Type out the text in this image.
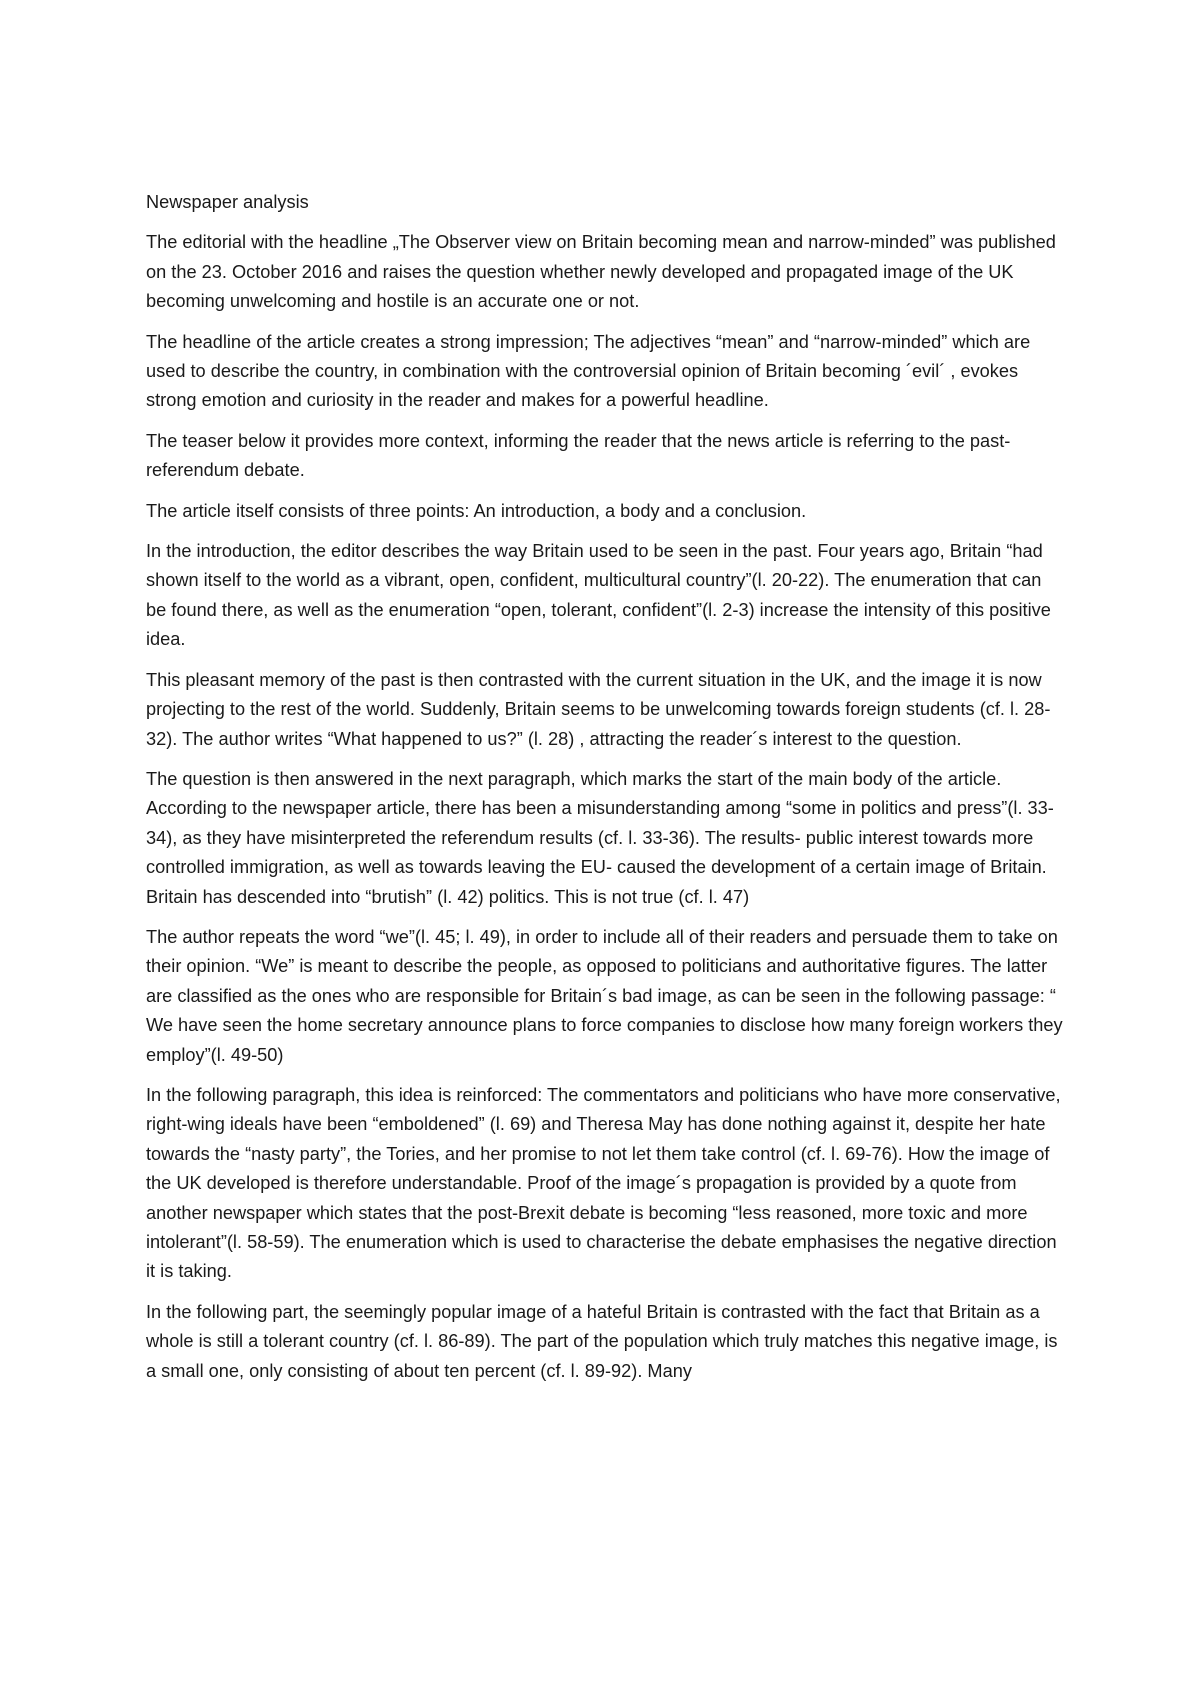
Newspaper analysis

The editorial with the headline „The Observer view on Britain becoming mean and narrow-minded” was published on the 23. October 2016 and raises the question whether newly developed and propagated image of the UK becoming unwelcoming and hostile is an accurate one or not.

The headline of the article creates a strong impression; The adjectives “mean” and “narrow-minded” which are used to describe the country, in combination with the controversial opinion of Britain becoming ´evil´ , evokes strong emotion and curiosity in the reader and makes for a powerful headline.

The teaser below it provides more context, informing the reader that the news article is referring to the past-referendum debate.

The article itself consists of three points: An introduction, a body and a conclusion.

In the introduction, the editor describes the way Britain used to be seen in the past. Four years ago, Britain “had shown itself to the world as a vibrant, open, confident, multicultural country”(l. 20-22). The enumeration that can be found there, as well as the enumeration “open, tolerant, confident”(l. 2-3) increase the intensity of this positive idea.

This pleasant memory of the past is then contrasted with the current situation in the UK, and the image it is now projecting to the rest of the world. Suddenly, Britain seems to be unwelcoming towards foreign students (cf. l. 28-32). The author writes “What happened to us?” (l. 28) , attracting the reader´s interest to the question.

The question is then answered in the next paragraph, which marks the start of the main body of the article. According to the newspaper article, there has been a misunderstanding among “some in politics and press”(l. 33-34), as they have misinterpreted the referendum results (cf. l. 33-36). The results- public interest towards more controlled immigration, as well as towards leaving the EU- caused the development of a certain image of Britain. Britain has descended into “brutish” (l. 42) politics. This is not true (cf. l. 47)

The author repeats the word “we”(l. 45; l. 49), in order to include all of their readers and persuade them to take on their opinion. “We” is meant to describe the people, as opposed to politicians and authoritative figures. The latter are classified as the ones who are responsible for Britain´s bad image, as can be seen in the following passage: “ We have seen the home secretary announce plans to force companies to disclose how many foreign workers they employ”(l. 49-50)

In the following paragraph, this idea is reinforced: The commentators and politicians who have more conservative, right-wing ideals have been “emboldened” (l. 69) and Theresa May has done nothing against it, despite her hate towards the “nasty party”, the Tories, and her promise to not let them take control (cf. l. 69-76). How the image of the UK developed is therefore understandable. Proof of the image´s propagation is provided by a quote from another newspaper which states that the post-Brexit debate is becoming “less reasoned, more toxic and more intolerant”(l. 58-59). The enumeration which is used to characterise the debate emphasises the negative direction it is taking.

In the following part, the seemingly popular image of a hateful Britain is contrasted with the fact that Britain as a whole is still a tolerant country (cf. l. 86-89). The part of the population which truly matches this negative image, is a small one, only consisting of about ten percent (cf. l. 89-92). Many
